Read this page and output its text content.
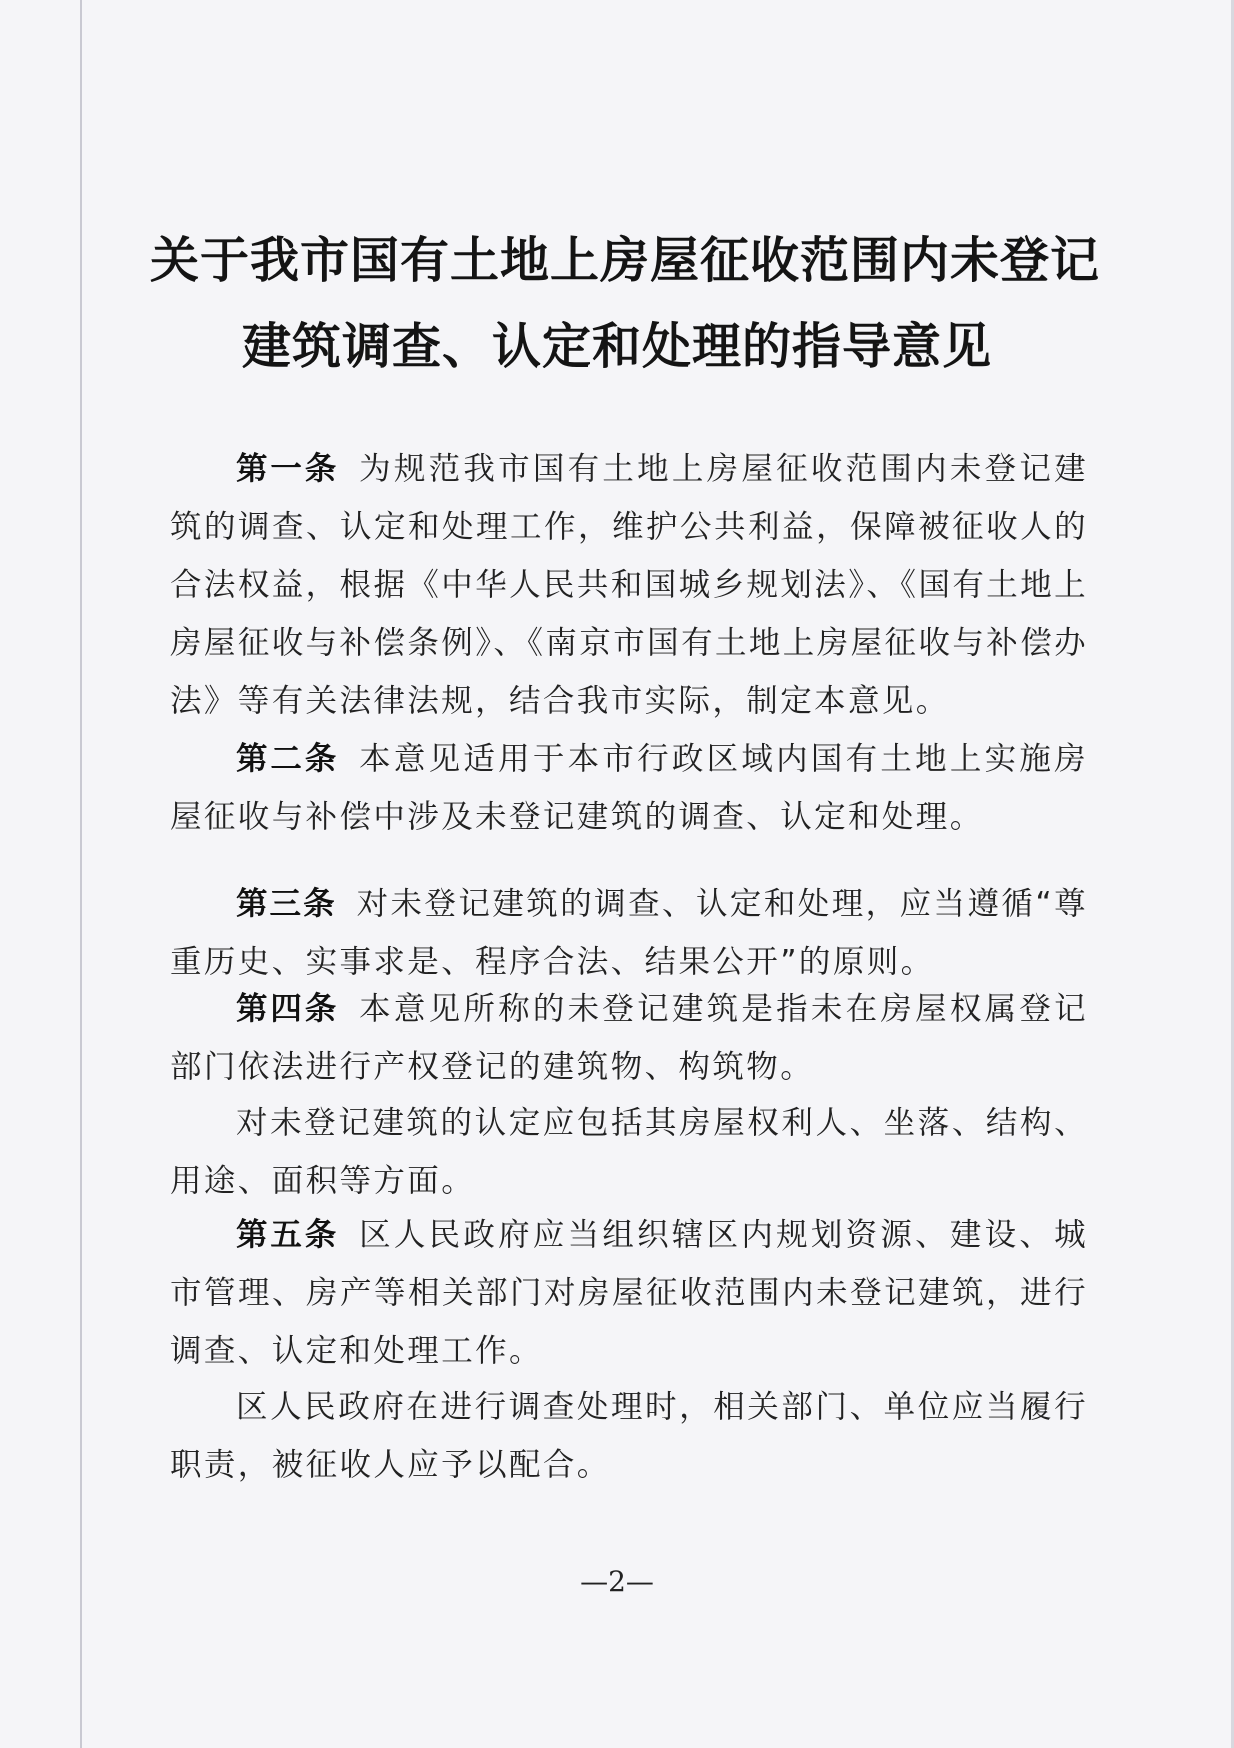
关于我市国有土地上房屋征收范围内未登记
建筑调查、认定和处理的指导意见

第一条 为规范我市国有土地上房屋征收范围内未登记建筑的调查、认定和处理工作，维护公共利益，保障被征收人的合法权益，根据《中华人民共和国城乡规划法》、《国有土地上房屋征收与补偿条例》、《南京市国有土地上房屋征收与补偿办法》等有关法律法规，结合我市实际，制定本意见。

第二条 本意见适用于本市行政区域内国有土地上实施房屋征收与补偿中涉及未登记建筑的调查、认定和处理。

第三条 对未登记建筑的调查、认定和处理，应当遵循“尊重历史、实事求是、程序合法、结果公开”的原则。

第四条 本意见所称的未登记建筑是指未在房屋权属登记部门依法进行产权登记的建筑物、构筑物。

对未登记建筑的认定应包括其房屋权利人、坐落、结构、用途、面积等方面。

第五条 区人民政府应当组织辖区内规划资源、建设、城市管理、房产等相关部门对房屋征收范围内未登记建筑，进行调查、认定和处理工作。

区人民政府在进行调查处理时，相关部门、单位应当履行职责，被征收人应予以配合。

—2—
